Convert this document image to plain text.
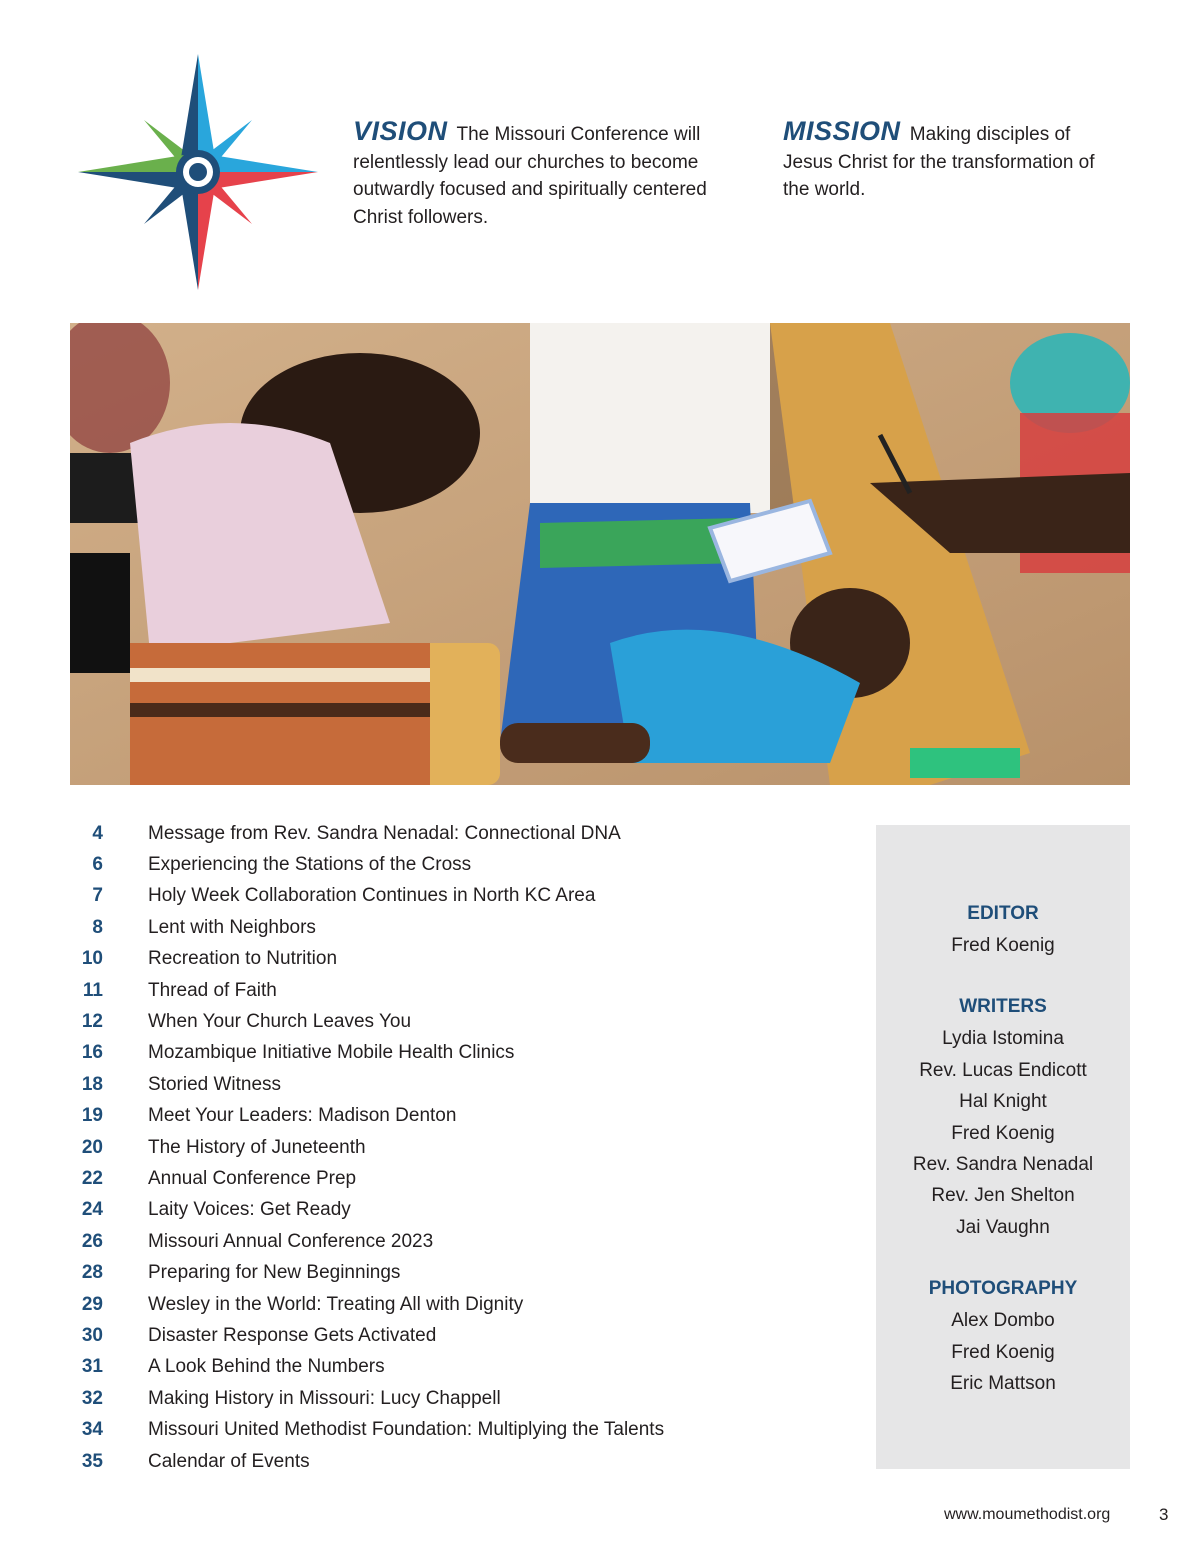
VISION The Missouri Conference will relentlessly lead our churches to become outwardly focused and spiritually centered Christ followers.
MISSION Making disciples of Jesus Christ for the transformation of the world.
4 Message from Rev. Sandra Nenadal: Connectional DNA
6 Experiencing the Stations of the Cross
7 Holy Week Collaboration Continues in North KC Area
8 Lent with Neighbors
10 Recreation to Nutrition
11 Thread of Faith
12 When Your Church Leaves You
16 Mozambique Initiative Mobile Health Clinics
18 Storied Witness
19 Meet Your Leaders: Madison Denton
20 The History of Juneteenth
22 Annual Conference Prep
24 Laity Voices: Get Ready
26 Missouri Annual Conference 2023
28 Preparing for New Beginnings
29 Wesley in the World: Treating All with Dignity
30 Disaster Response Gets Activated
31 A Look Behind the Numbers
32 Making History in Missouri: Lucy Chappell
34 Missouri United Methodist Foundation: Multiplying the Talents
35 Calendar of Events
EDITOR
Fred Koenig
WRITERS
Lydia Istomina
Rev. Lucas Endicott
Hal Knight
Fred Koenig
Rev. Sandra Nenadal
Rev. Jen Shelton
Jai Vaughn
PHOTOGRAPHY
Alex Dombo
Fred Koenig
Eric Mattson
www.moumethodist.org	3
